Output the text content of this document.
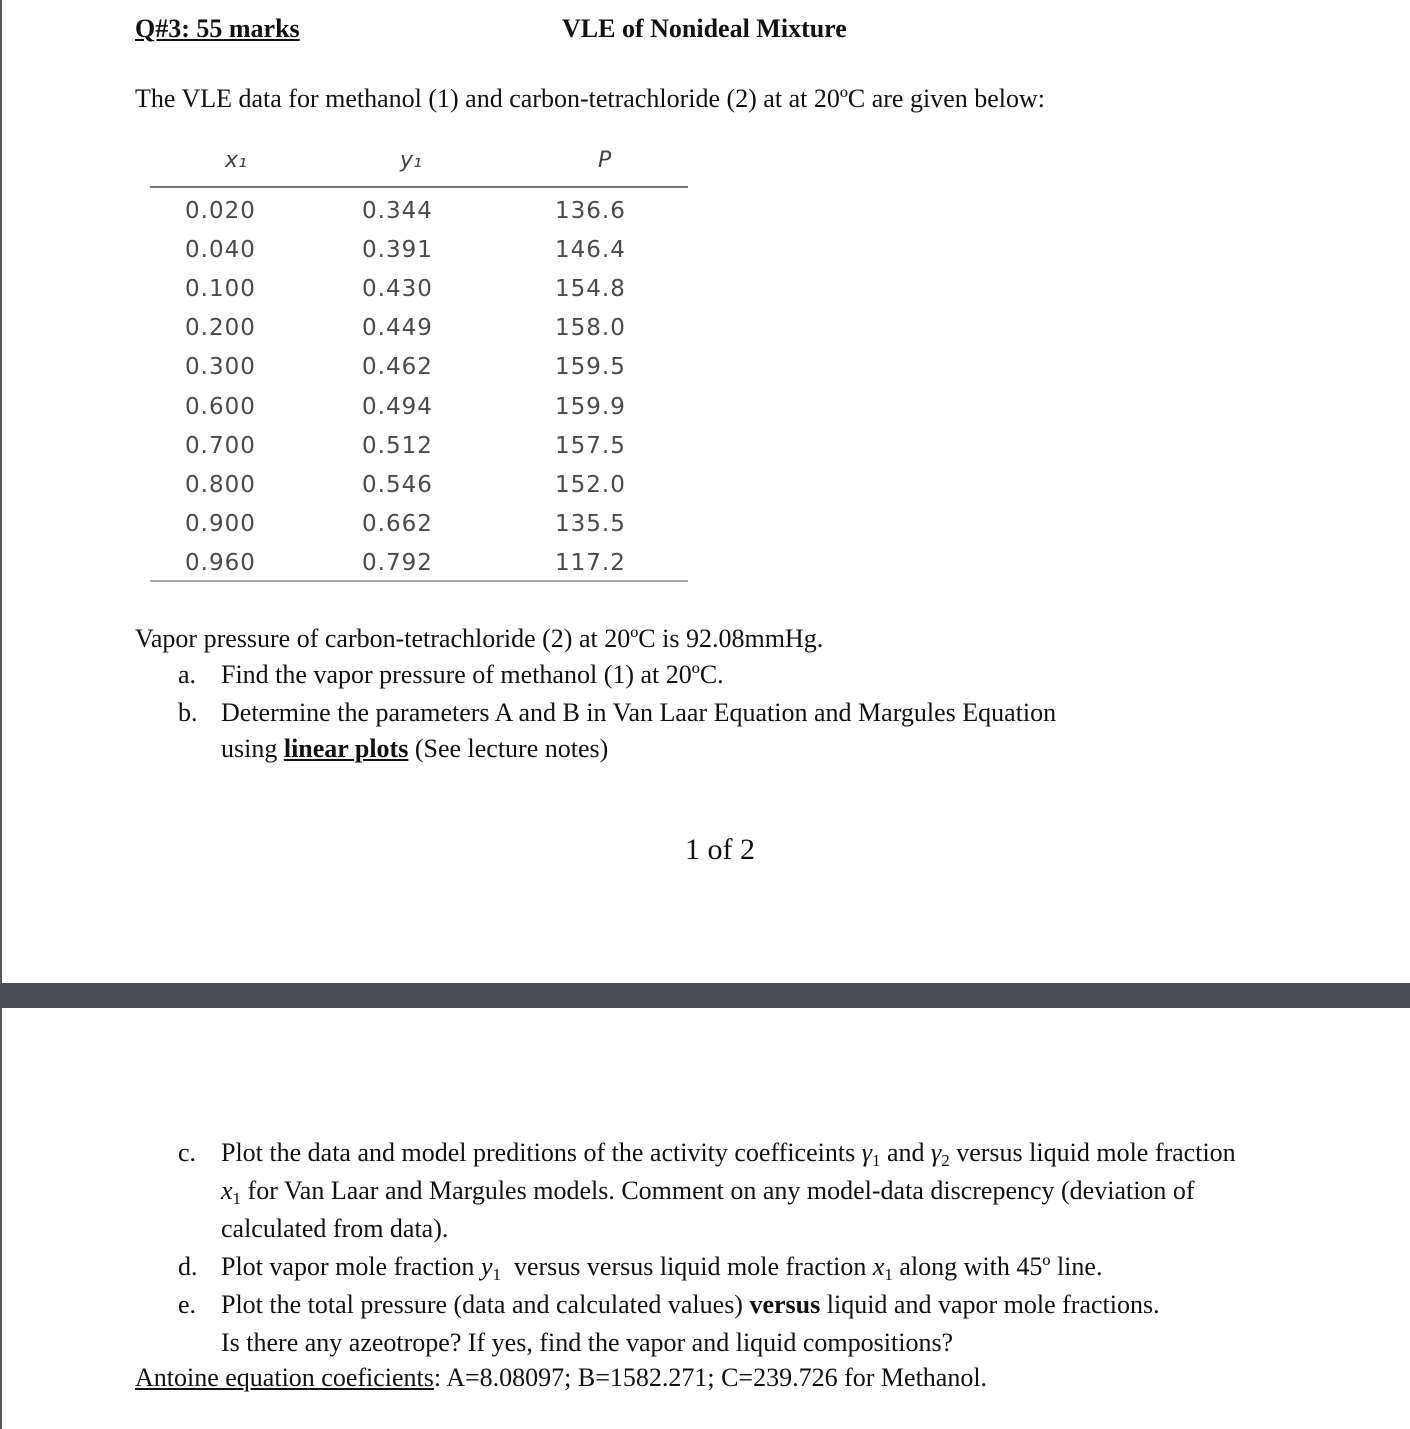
Q#3: 55 marks	VLE of Nonideal Mixture
The VLE data for methanol (1) and carbon-tetrachloride (2) at at 20ºC are given below:
x₁	y₁	P
0.020	0.344	136.6
0.040	0.391	146.4
0.100	0.430	154.8
0.200	0.449	158.0
0.300	0.462	159.5
0.600	0.494	159.9
0.700	0.512	157.5
0.800	0.546	152.0
0.900	0.662	135.5
0.960	0.792	117.2
Vapor pressure of carbon-tetrachloride (2) at 20ºC is 92.08mmHg.
a. Find the vapor pressure of methanol (1) at 20ºC.
b. Determine the parameters A and B in Van Laar Equation and Margules Equation
using linear plots (See lecture notes)
1 of 2
c. Plot the data and model preditions of the activity coefficeints $\gamma_1$ and $\gamma_2$ versus liquid mole fraction
$x_1$ for Van Laar and Margules models. Comment on any model-data discrepency (deviation of
calculated from data).
d. Plot vapor mole fraction $y_1$  versus versus liquid mole fraction $x_1$ along with 45º line.
e. Plot the total pressure (data and calculated values) versus liquid and vapor mole fractions.
Is there any azeotrope? If yes, find the vapor and liquid compositions?
Antoine equation coeficients: A=8.08097; B=1582.271; C=239.726 for Methanol.
